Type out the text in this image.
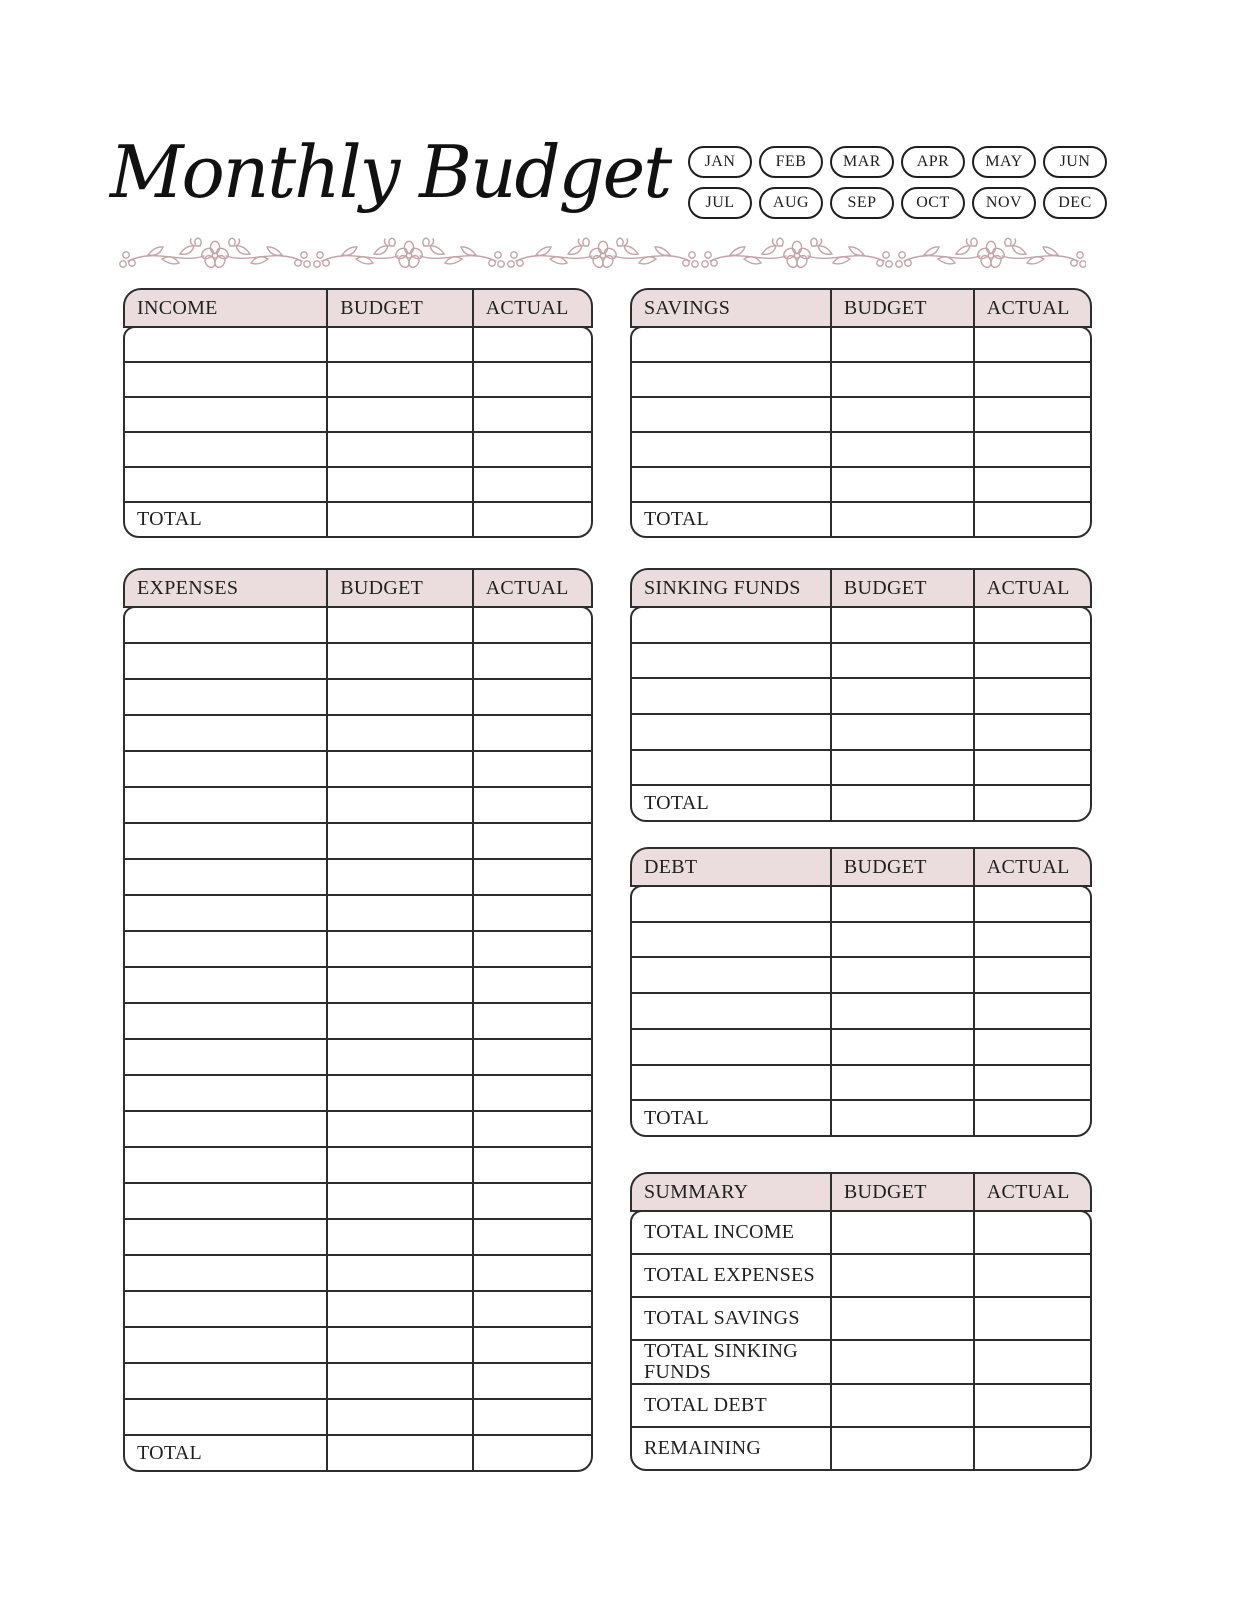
Monthly Budget	JAN	FEB	MAR	APR	MAY	JUN
JUL	AUG	SEP	OCT	NOV	DEC
INCOME	BUDGET	ACTUAL
TOTAL
EXPENSES	BUDGET	ACTUAL
TOTAL
SAVINGS	BUDGET	ACTUAL
TOTAL
SINKING FUNDS	BUDGET	ACTUAL
TOTAL
DEBT	BUDGET	ACTUAL
TOTAL
SUMMARY	BUDGET	ACTUAL
TOTAL INCOME
TOTAL EXPENSES
TOTAL SAVINGS
TOTAL SINKING FUNDS
TOTAL DEBT
REMAINING
